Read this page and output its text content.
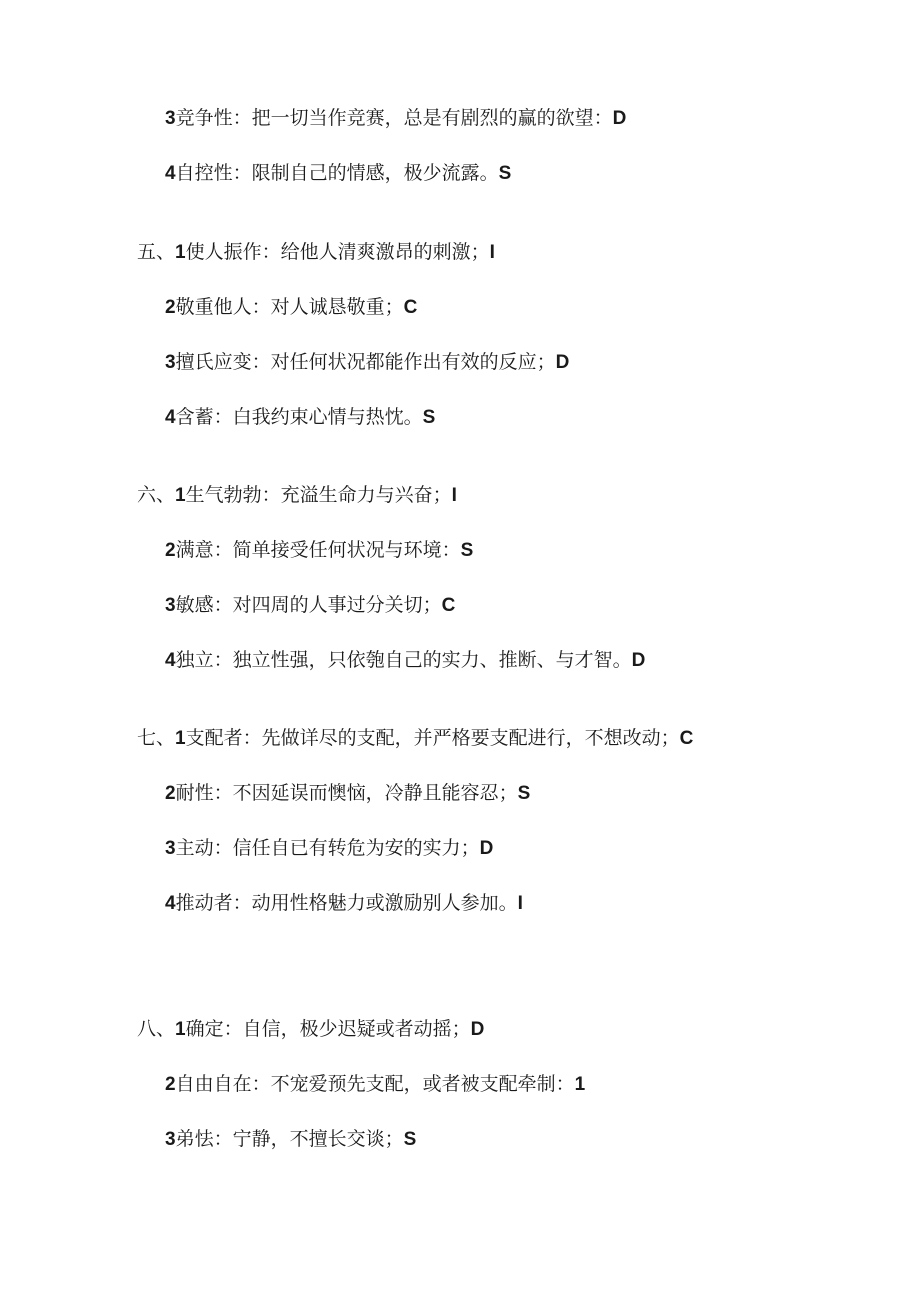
3竞争性：把一切当作竞赛，总是有剧烈的赢的欲望：D
4自控性：限制自己的情感，极少流露。S
五、1使人振作：给他人清爽激昂的刺激；I
2敬重他人：对人诚恳敬重；C
3擅氏应变：对任何状况都能作出有效的反应；D
4含蓄：白我约束心情与热忱。S
六、1生气勃勃：充溢生命力与兴奋；I
2满意：简单接受任何状况与环境：S
3敏感：对四周的人事过分关切；C
4独立：独立性强，只依匏自己的实力、推断、与才智。D
七、1支配者：先做详尽的支配，并严格要支配进行，不想改动；C
2耐性：不因延误而懊恼，冷静且能容忍；S
3主动：信任自已有转危为安的实力；D
4推动者：动用性格魅力或激励别人参加。I
八、1确定：自信，极少迟疑或者动摇；D
2自由自在：不宠爱预先支配，或者被支配牵制：1
3弟怯：宁静，不擅长交谈；S
